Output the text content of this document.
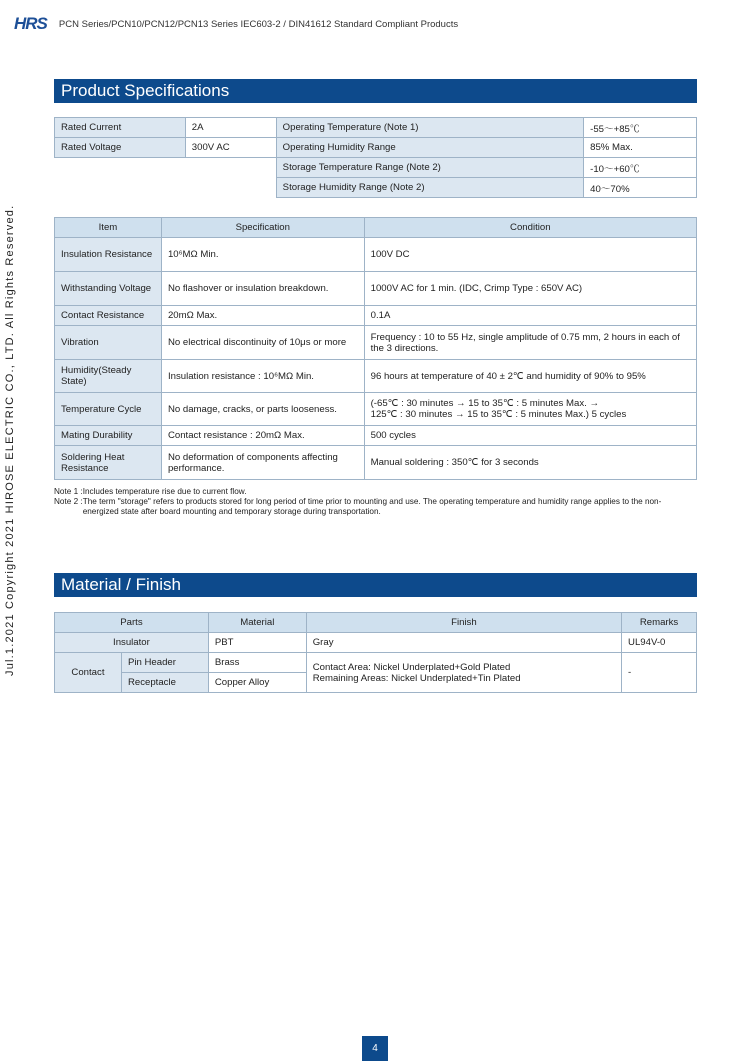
HRS PCN Series/PCN10/PCN12/PCN13 Series IEC603-2 / DIN41612 Standard Compliant Products
Jul.1.2021 Copyright 2021 HIROSE ELECTRIC CO., LTD. All Rights Reserved.
Product Specifications
Rated Current	2A	Operating Temperature (Note 1)	-55～+85℃
Rated Voltage	300V AC	Operating Humidity Range	85% Max.
		Storage Temperature Range (Note 2)	-10～+60℃
		Storage Humidity Range (Note 2)	40～70%
Item	Specification	Condition
Insulation Resistance	10⁶MΩ Min.	100V DC
Withstanding Voltage	No flashover or insulation breakdown.	1000V AC for 1 min. (IDC, Crimp Type : 650V AC)
Contact Resistance	20mΩ Max.	0.1A
Vibration	No electrical discontinuity of 10μs or more	Frequency : 10 to 55 Hz, single amplitude of 0.75 mm, 2 hours in each of the 3 directions.
Humidity(Steady State)	Insulation resistance : 10⁶MΩ Min.	96 hours at temperature of 40 ± 2℃ and humidity of 90% to 95%
Temperature Cycle	No damage, cracks, or parts looseness.	(-65℃ : 30 minutes → 15 to 35℃ : 5 minutes Max. →
125℃ : 30 minutes → 15 to 35℃ : 5 minutes Max.) 5 cycles

Mating Durability	Contact resistance : 20mΩ Max.	500 cycles
Soldering Heat Resistance	No deformation of components affecting performance.	Manual soldering : 350℃ for 3 seconds
Note 1 : Includes temperature rise due to current flow.
Note 2 : The term "storage" refers to products stored for long period of time prior to mounting and use. The operating temperature and humidity range applies to the non-energized state after board mounting and temporary storage during transportation.
Material / Finish
Parts		Material	Finish	Remarks
Insulator		PBT	Gray	UL94V-0
Contact	Pin Header	Brass	Contact Area: Nickel Underplated+Gold Plated
Remaining Areas: Nickel Underplated+Tin Plated	-
	Receptacle	Copper Alloy		
4
